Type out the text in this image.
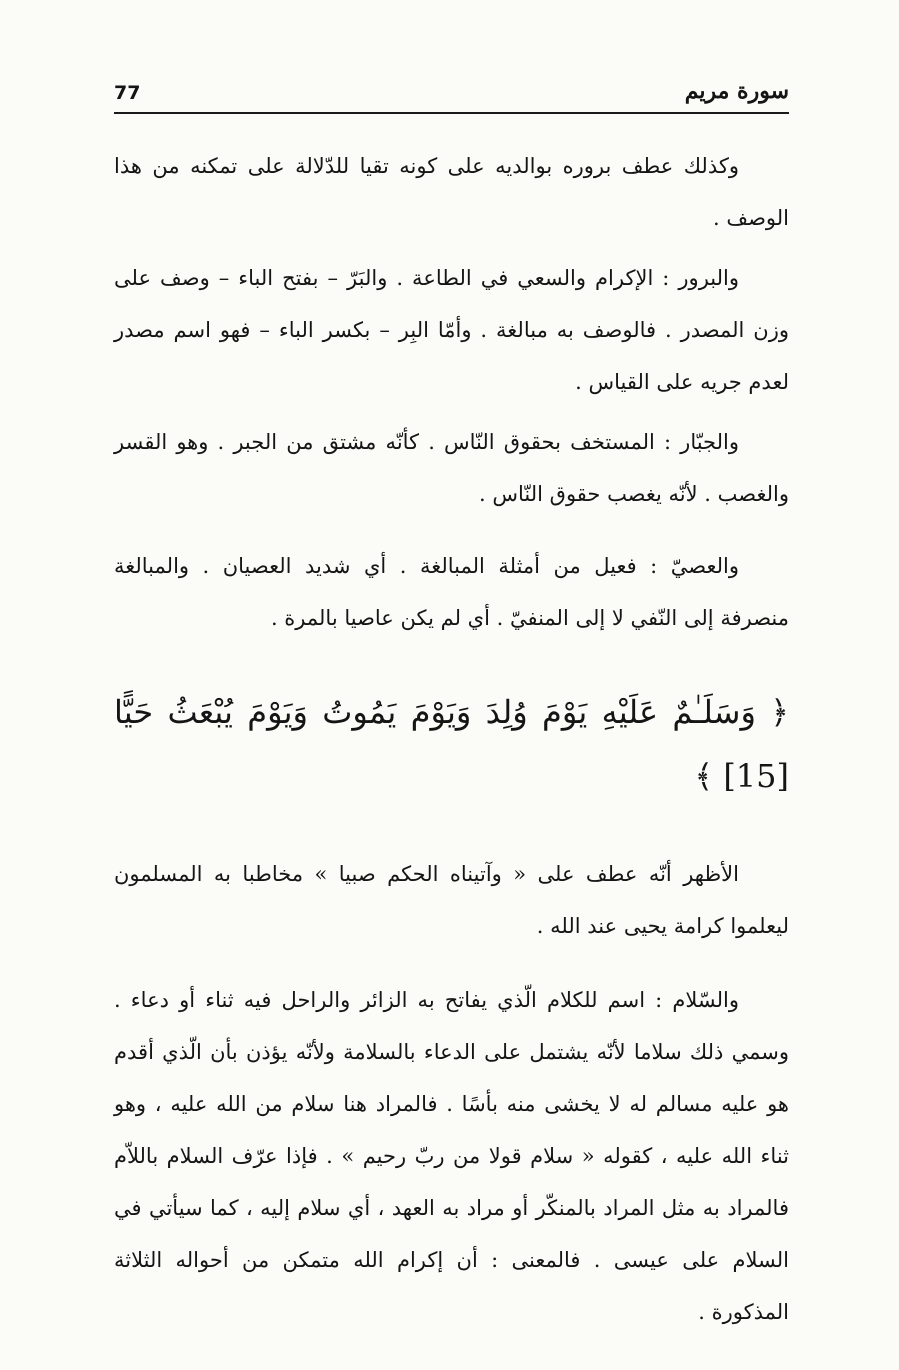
77	سورة مريم

وكذلك عطف بروره بوالديه على كونه تقيا للدّلالة على تمكنه من هذا الوصف .

والبرور : الإكرام والسعي في الطاعة . والبَرّ – بفتح الباء – وصف على وزن المصدر . فالوصف به مبالغة . وأمّا البِر – بكسر الباء – فهو اسم مصدر لعدم جريه على القياس .

والجبّار : المستخف بحقوق النّاس . كأنّه مشتق من الجبر . وهو القسر والغصب . لأنّه يغصب حقوق النّاس .

والعصيّ : فعيل من أمثلة المبالغة . أي شديد العصيان . والمبالغة منصرفة إلى النّفي لا إلى المنفيّ . أي لم يكن عاصيا بالمرة .

﴿ وَسَلَـٰمٌ عَلَيْهِ يَوْمَ وُلِدَ وَيَوْمَ يَمُوتُ وَيَوْمَ يُبْعَثُ حَيًّا [15] ﴾

الأظهر أنّه عطف على « وآتيناه الحكم صبيا » مخاطبا به المسلمون ليعلموا كرامة يحيى عند الله .

والسّلام : اسم للكلام الّذي يفاتح به الزائر والراحل فيه ثناء أو دعاء . وسمي ذلك سلاما لأنّه يشتمل على الدعاء بالسلامة ولأنّه يؤذن بأن الّذي أقدم هو عليه مسالم له لا يخشى منه بأسًا . فالمراد هنا سلام من الله عليه ، وهو ثناء الله عليه ، كقوله « سلام قولا من ربّ رحيم » . فإذا عرّف السلام باللاّم فالمراد به مثل المراد بالمنكّر أو مراد به العهد ، أي سلام إليه ، كما سيأتي في السلام على عيسى . فالمعنى : أن إكرام الله متمكن من أحواله الثلاثة المذكورة .
